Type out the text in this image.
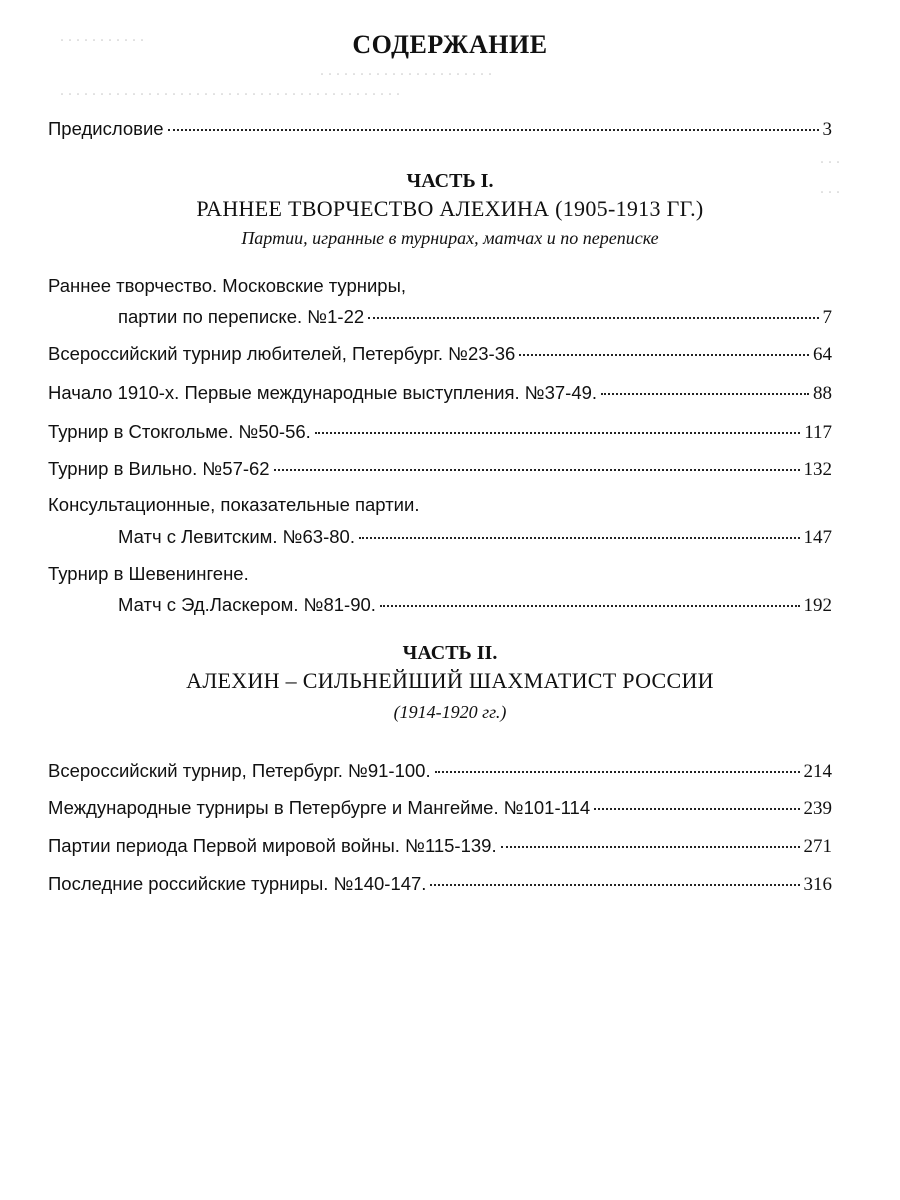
. . . . . . . . . . .
. . . . . . . . . . . . . . . . . . . . . .
. . . . . . . . . . . . . . . . . . . . . . . . . . . . . . . . . . . . . . . . . . .
. . .
. . .
СОДЕРЖАНИЕ
Предисловие	3
ЧАСТЬ I.
РАННЕЕ ТВОРЧЕСТВО АЛЕХИНА (1905-1913 ГГ.)
Партии, игранные в турнирах, матчах и по переписке
Раннее творчество. Московские турниры,
партии по переписке. №1-22	7
Всероссийский турнир любителей, Петербург. №23-36	64
Начало 1910-х. Первые международные выступления. №37-49.	88
Турнир в Стокгольме. №50-56.	117
Турнир в Вильно. №57-62	132
Консультационные, показательные партии.
Матч с Левитским. №63-80.	147
Турнир в Шевенингене.
Матч с Эд.Ласкером. №81-90.	192
ЧАСТЬ II.
АЛЕХИН – СИЛЬНЕЙШИЙ ШАХМАТИСТ РОССИИ
(1914-1920 гг.)
Всероссийский турнир, Петербург. №91-100.	214
Международные турниры в Петербурге и Мангейме. №101-114	239
Партии периода Первой мировой войны. №115-139.	271
Последние российские турниры. №140-147.	316
